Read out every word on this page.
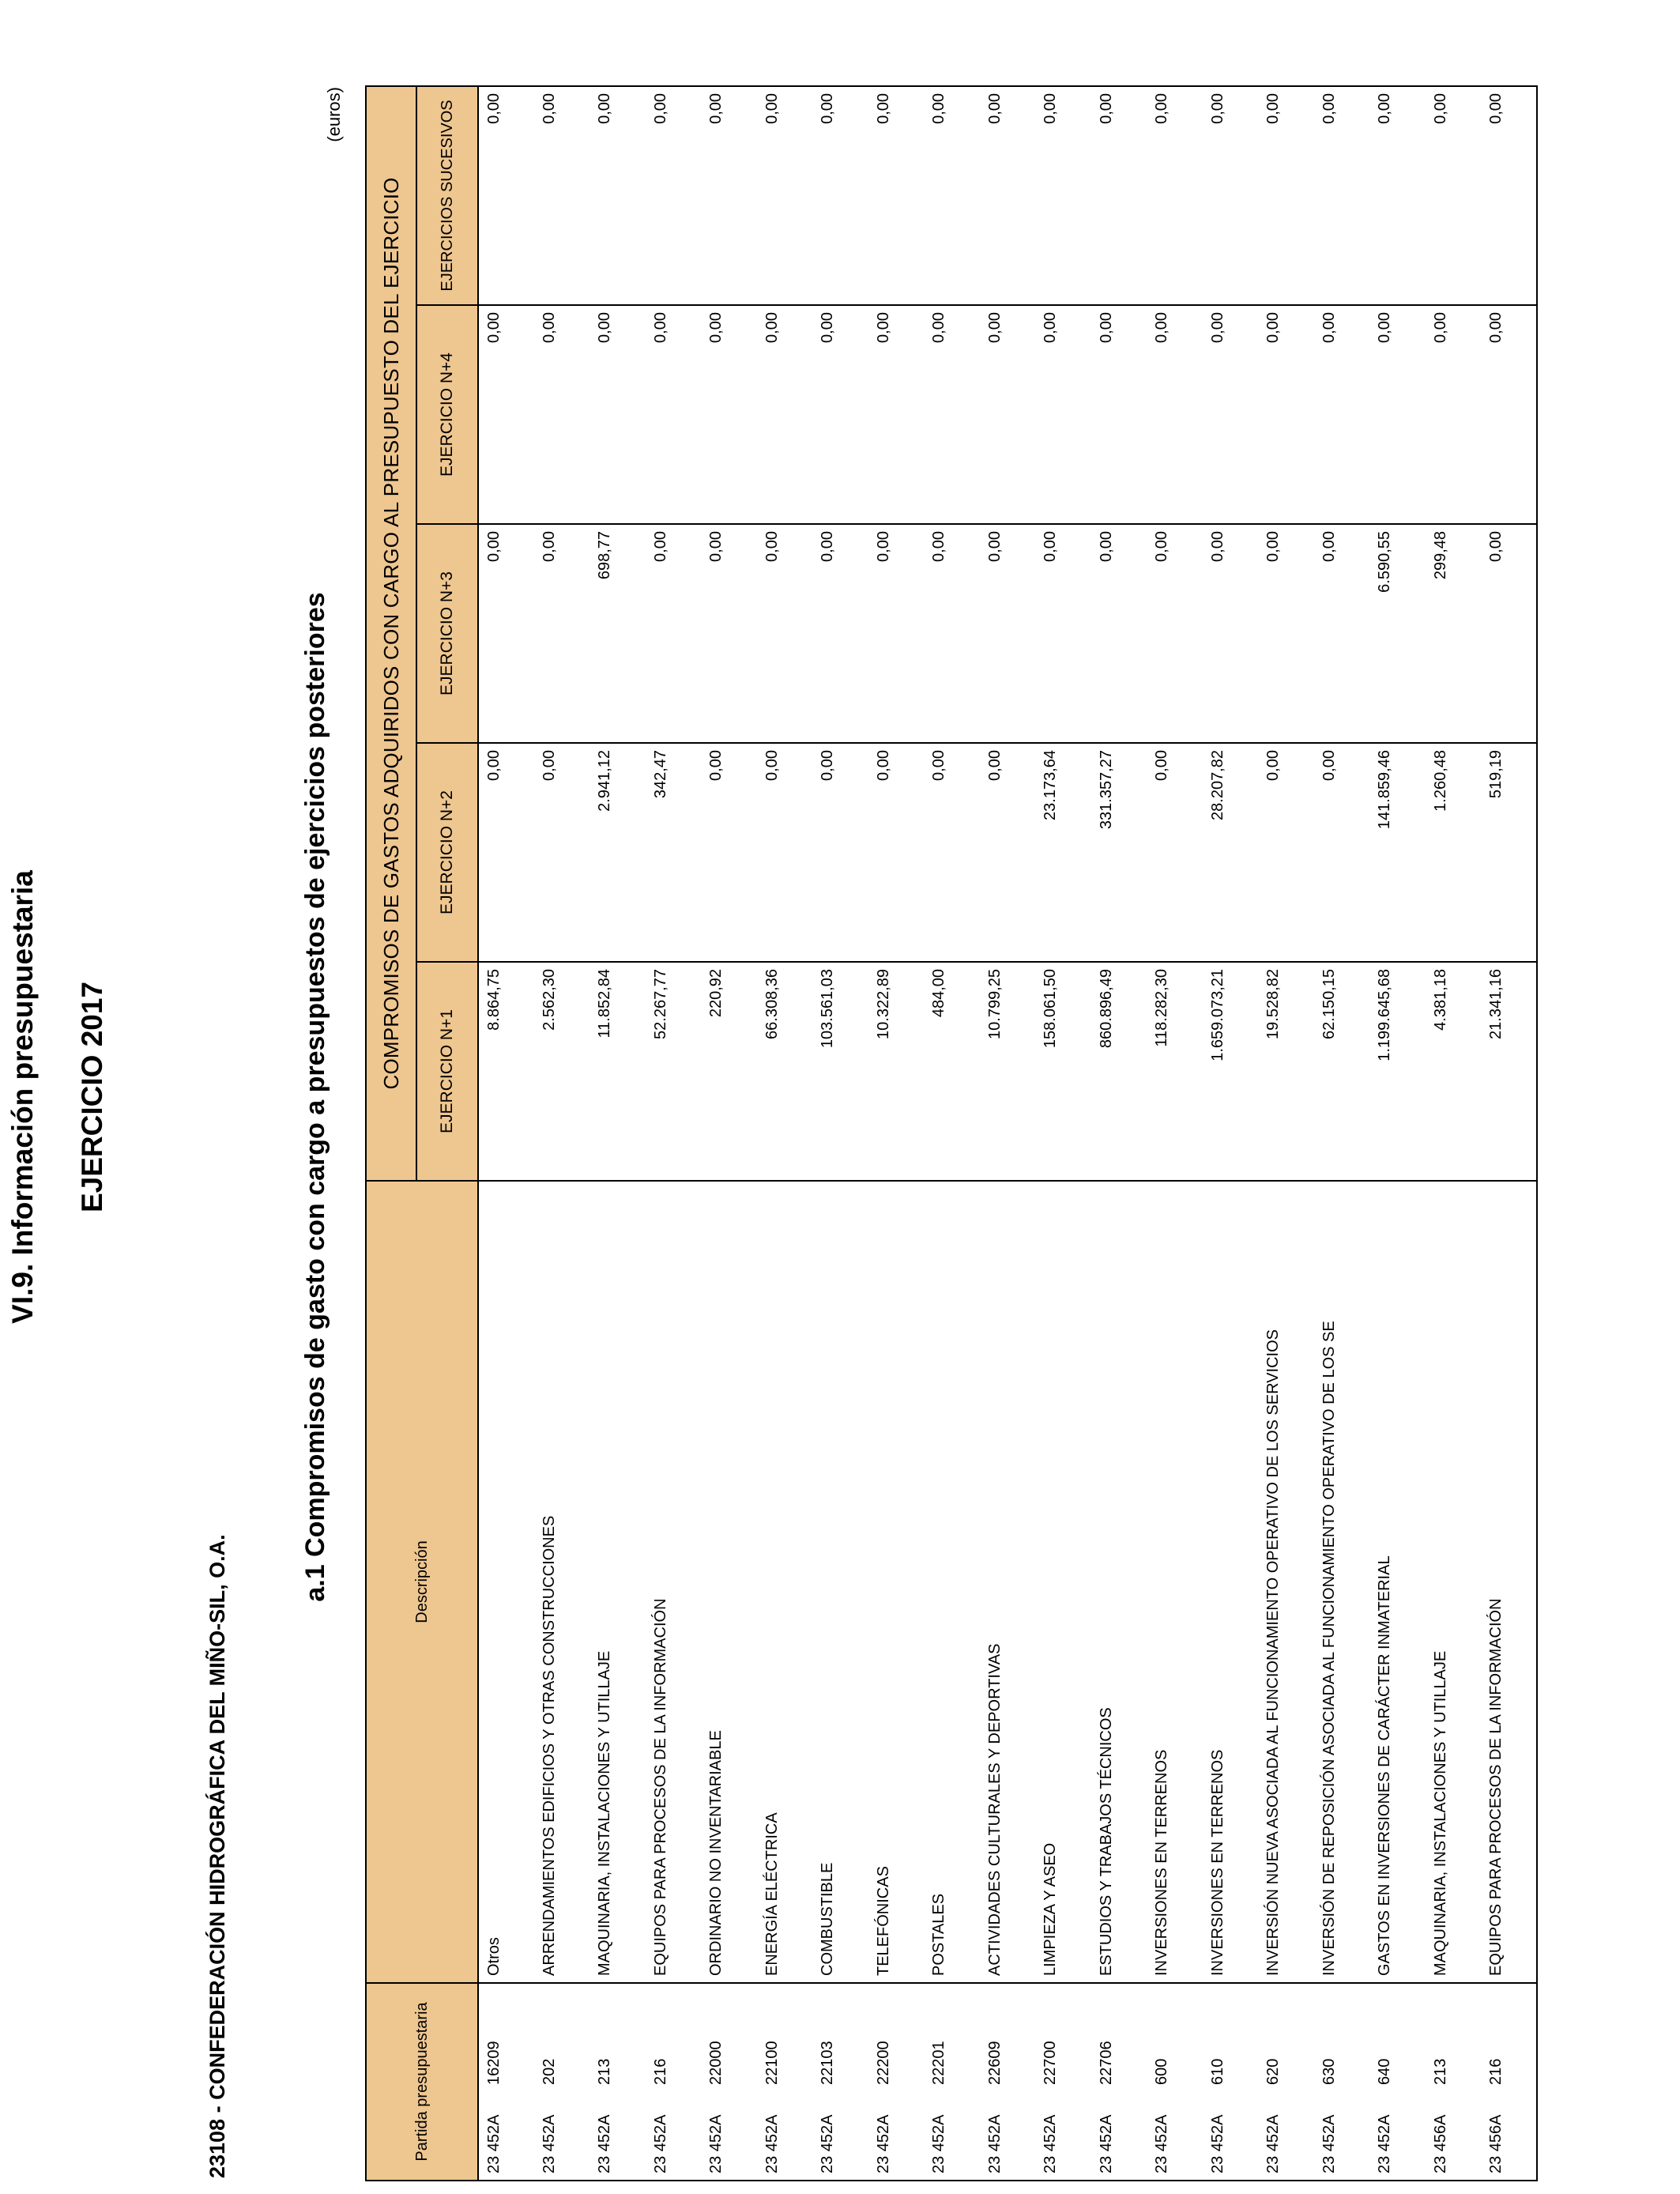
VI.9. Información presupuestaria EJERCICIO 2017
23108 - CONFEDERACIÓN HIDROGRÁFICA DEL MIÑO-SIL, O.A.
a.1 Compromisos de gasto con cargo a presupuestos de ejercicios posteriores
(euros)
Partida presupuestaria	Descripción	COMPROMISOS DE GASTOS ADQUIRIDOS CON CARGO AL PRESUPUESTO DEL EJERCICIO				
		EJERCICIO N+1	EJERCICIO N+2	EJERCICIO N+3	EJERCICIO N+4	EJERCICIOS SUCESIVOS
23 452A16209	Otros	8.864,75	0,00	0,00	0,00	0,00
23 452A202	ARRENDAMIENTOS EDIFICIOS Y OTRAS CONSTRUCCIONES	2.562,30	0,00	0,00	0,00	0,00
23 452A213	MAQUINARIA, INSTALACIONES Y UTILLAJE	11.852,84	2.941,12	698,77	0,00	0,00
23 452A216	EQUIPOS PARA PROCESOS DE LA INFORMACIÓN	52.267,77	342,47	0,00	0,00	0,00
23 452A22000	ORDINARIO NO INVENTARIABLE	220,92	0,00	0,00	0,00	0,00
23 452A22100	ENERGÍA ELÉCTRICA	66.308,36	0,00	0,00	0,00	0,00
23 452A22103	COMBUSTIBLE	103.561,03	0,00	0,00	0,00	0,00
23 452A22200	TELEFÓNICAS	10.322,89	0,00	0,00	0,00	0,00
23 452A22201	POSTALES	484,00	0,00	0,00	0,00	0,00
23 452A22609	ACTIVIDADES CULTURALES Y DEPORTIVAS	10.799,25	0,00	0,00	0,00	0,00
23 452A22700	LIMPIEZA Y ASEO	158.061,50	23.173,64	0,00	0,00	0,00
23 452A22706	ESTUDIOS Y TRABAJOS TÉCNICOS	860.896,49	331.357,27	0,00	0,00	0,00
23 452A600	INVERSIONES EN TERRENOS	118.282,30	0,00	0,00	0,00	0,00
23 452A610	INVERSIONES EN TERRENOS	1.659.073,21	28.207,82	0,00	0,00	0,00
23 452A620	INVERSIÓN NUEVA ASOCIADA AL FUNCIONAMIENTO OPERATIVO DE LOS SERVICIOS	19.528,82	0,00	0,00	0,00	0,00
23 452A630	INVERSIÓN DE REPOSICIÓN ASOCIADA AL FUNCIONAMIENTO OPERATIVO DE LOS SE	62.150,15	0,00	0,00	0,00	0,00
23 452A640	GASTOS EN INVERSIONES DE CARÁCTER INMATERIAL	1.199.645,68	141.859,46	6.590,55	0,00	0,00
23 456A213	MAQUINARIA, INSTALACIONES Y UTILLAJE	4.381,18	1.260,48	299,48	0,00	0,00
23 456A216	EQUIPOS PARA PROCESOS DE LA INFORMACIÓN	21.341,16	519,19	0,00	0,00	0,00
